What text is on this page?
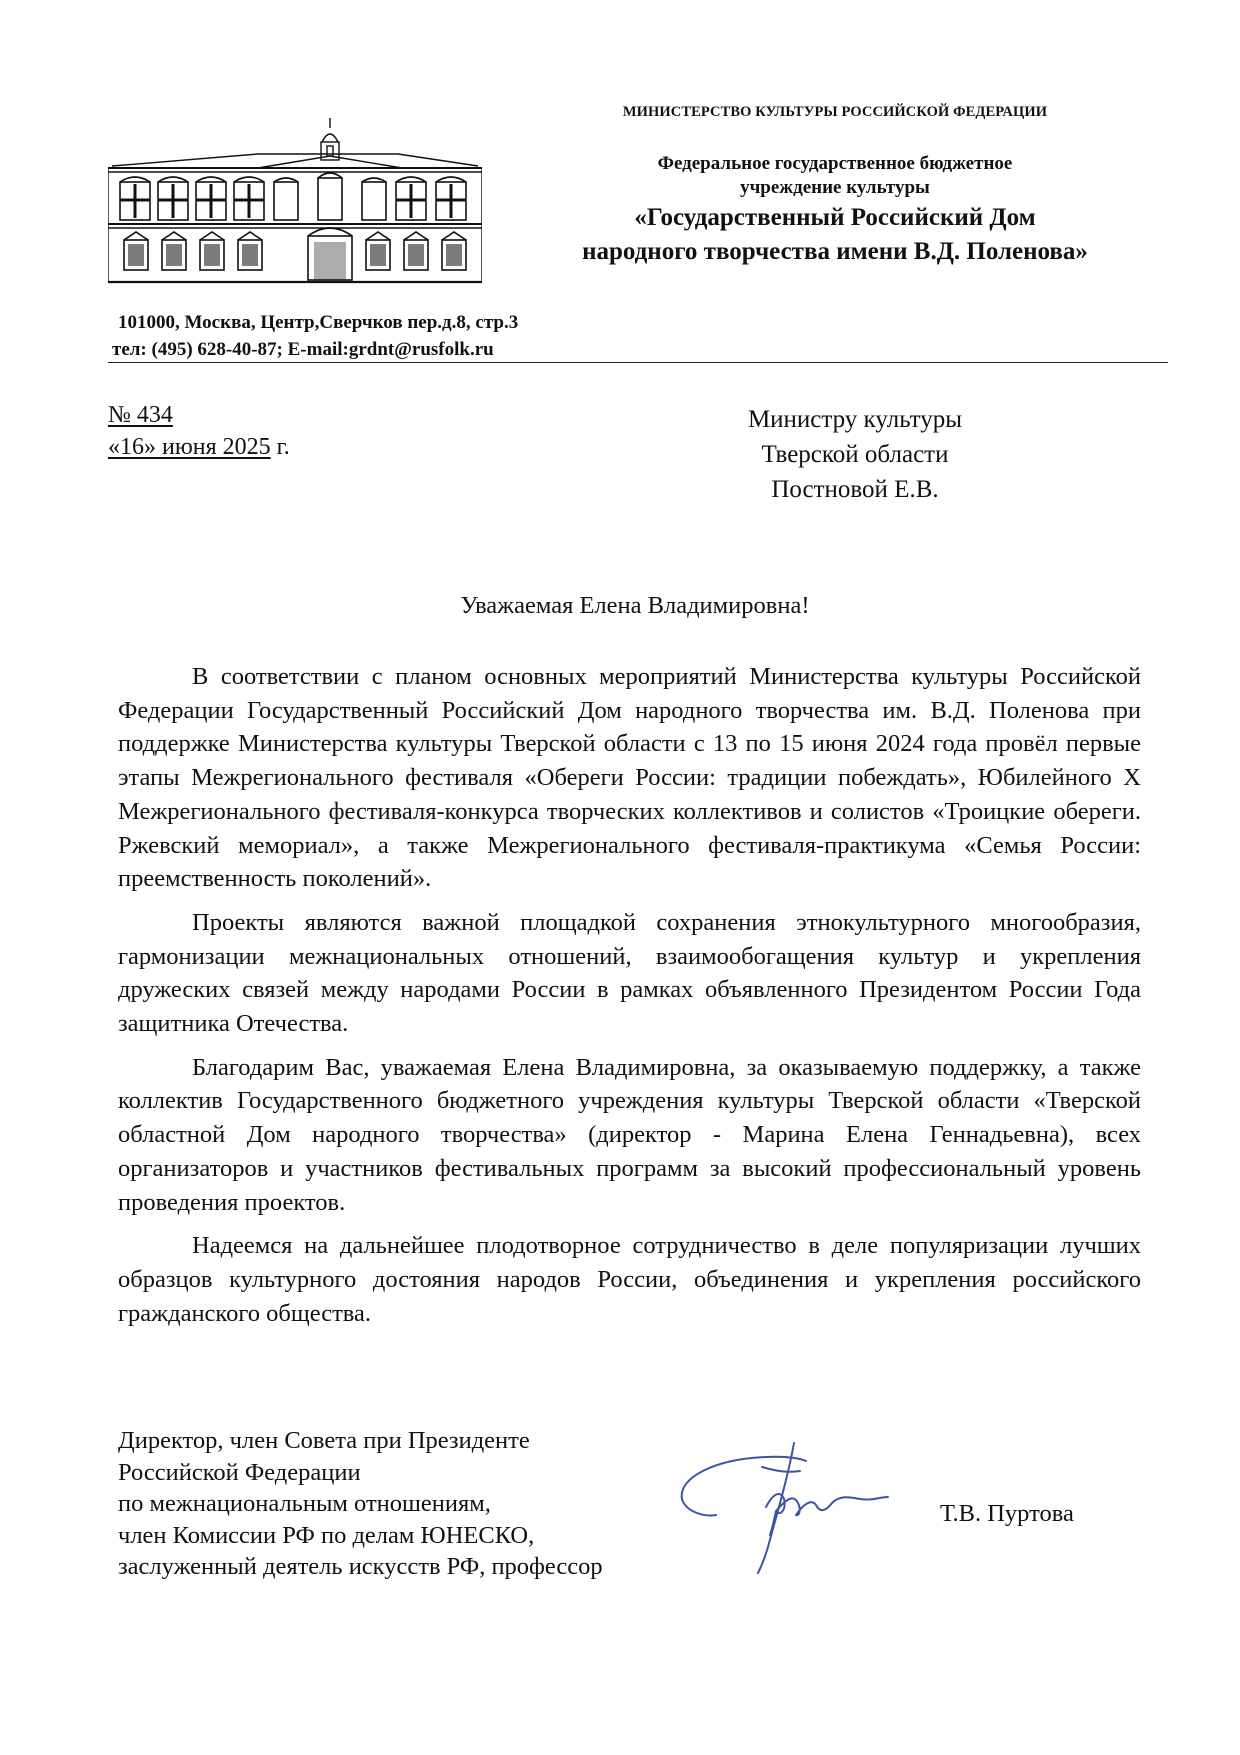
МИНИСТЕРСТВО КУЛЬТУРЫ РОССИЙСКОЙ ФЕДЕРАЦИИ
Федеральное государственное бюджетное
учреждение культуры
«Государственный Российский Дом
народного творчества имени В.Д. Поленова»
101000, Москва, Центр,Сверчков пер.д.8, стр.3
тел: (495) 628-40-87; E-mail:grdnt@rusfolk.ru
№ 434
«16» июня 2025 г.
Министру культуры
Тверской области
Постновой Е.В.
Уважаемая Елена Владимировна!

В соответствии с планом основных мероприятий Министерства культуры Российской Федерации Государственный Российский Дом народного творчества им. В.Д. Поленова при поддержке Министерства культуры Тверской области с 13 по 15 июня 2024 года провёл первые этапы Межрегионального фестиваля «Обереги России: традиции побеждать», Юбилейного X Межрегионального фестиваля-конкурса творческих коллективов и солистов «Троицкие обереги. Ржевский мемориал», а также Межрегионального фестиваля-практикума «Семья России: преемственность поколений».

Проекты являются важной площадкой сохранения этнокультурного многообразия, гармонизации межнациональных отношений, взаимообогащения культур и укрепления дружеских связей между народами России в рамках объявленного Президентом России Года защитника Отечества.

Благодарим Вас, уважаемая Елена Владимировна, за оказываемую поддержку, а также коллектив Государственного бюджетного учреждения культуры Тверской области «Тверской областной Дом народного творчества» (директор - Марина Елена Геннадьевна), всех организаторов и участников фестивальных программ за высокий профессиональный уровень проведения проектов.

Надеемся на дальнейшее плодотворное сотрудничество в деле популяризации лучших образцов культурного достояния народов России, объединения и укрепления российского гражданского общества.

Директор, член Совета при Президенте
Российской Федерации
по межнациональным отношениям,
член Комиссии РФ по делам ЮНЕСКО,
заслуженный деятель искусств РФ, профессор
Т.В. Пуртова
